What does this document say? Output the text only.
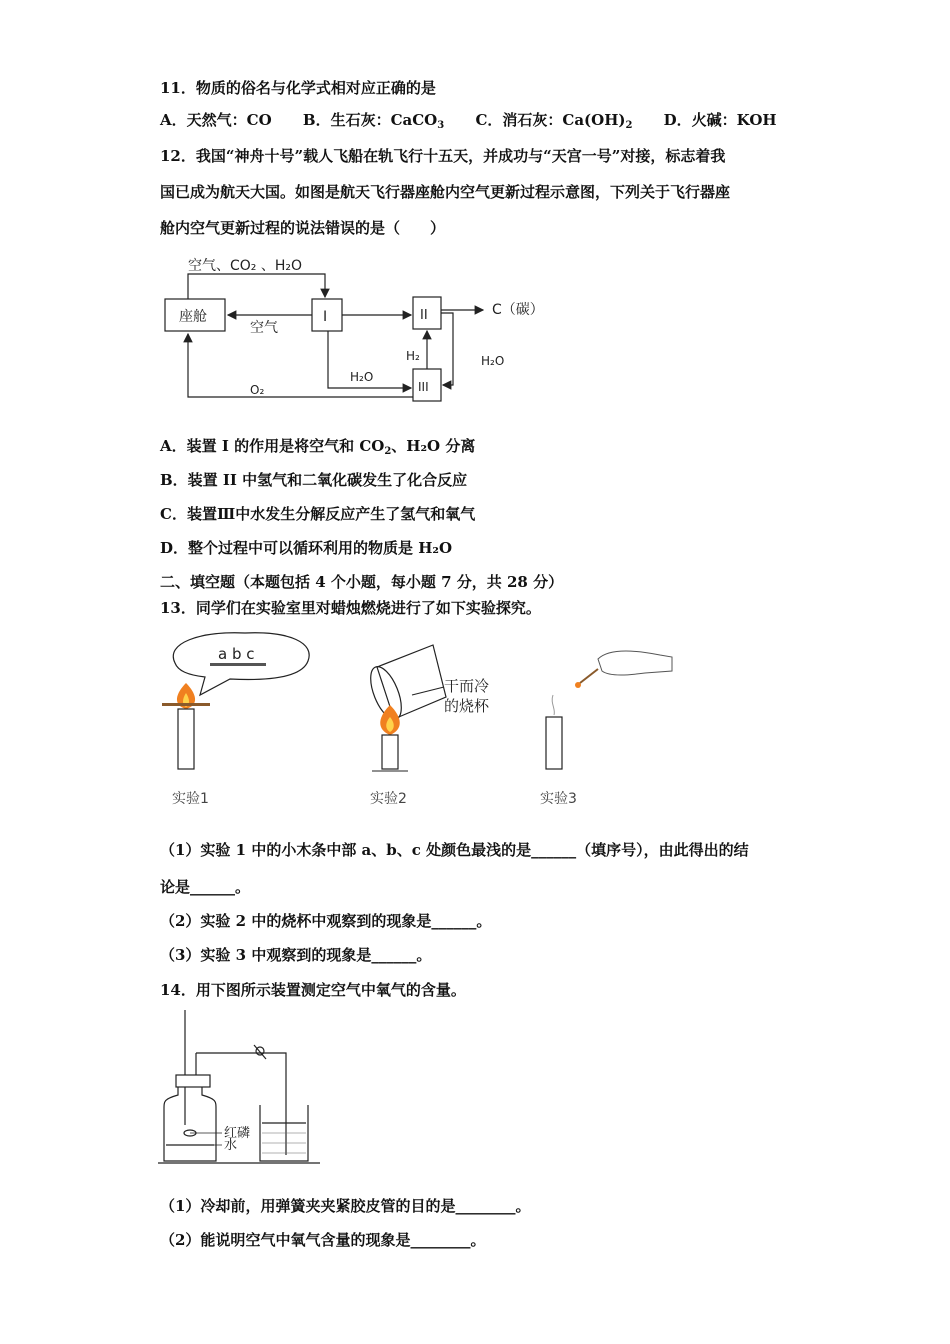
11．物质的俗名与化学式相对应正确的是
A．天然气：CO B．生石灰：CaCO$_3$ C．消石灰：$Ca(OH)_2$ D．火碱：KOH
12．我国“神舟十号”载人飞船在轨飞行十五天，并成功与“天宫一号”对接，标志着我
国已成为航天大国。如图是航天飞行器座舱内空气更新过程示意图，下列关于飞行器座
舱内空气更新过程的说法错误的是（　　）
空气、CO₂ 、H₂O
座舱
空气
I	II
III
C（碳）
H₂	H₂O
H₂O
O₂
A．装置 I 的作用是将空气和 $CO_2$、H₂O 分离
B．装置 II 中氢气和二氧化碳发生了化合反应
C．装置Ⅲ中水发生分解反应产生了氢气和氧气
D．整个过程中可以循环利用的物质是 H₂O
二、填空题（本题包括 4 个小题，每小题 7 分，共 28 分）
13．同学们在实验室里对蜡烛燃烧进行了如下实验探究。
a b c
实验1
干而冷
的烧杯
实验2	实验3
（1）实验 1 中的小木条中部 a、b、c 处颜色最浅的是______（填序号），由此得出的结
论是______。
（2）实验 2 中的烧杯中观察到的现象是______。
（3）实验 3 中观察到的现象是______。
14．用下图所示装置测定空气中氧气的含量。
红磷
水
（1）冷却前，用弹簧夹夹紧胶皮管的目的是________。
（2）能说明空气中氧气含量的现象是________。
